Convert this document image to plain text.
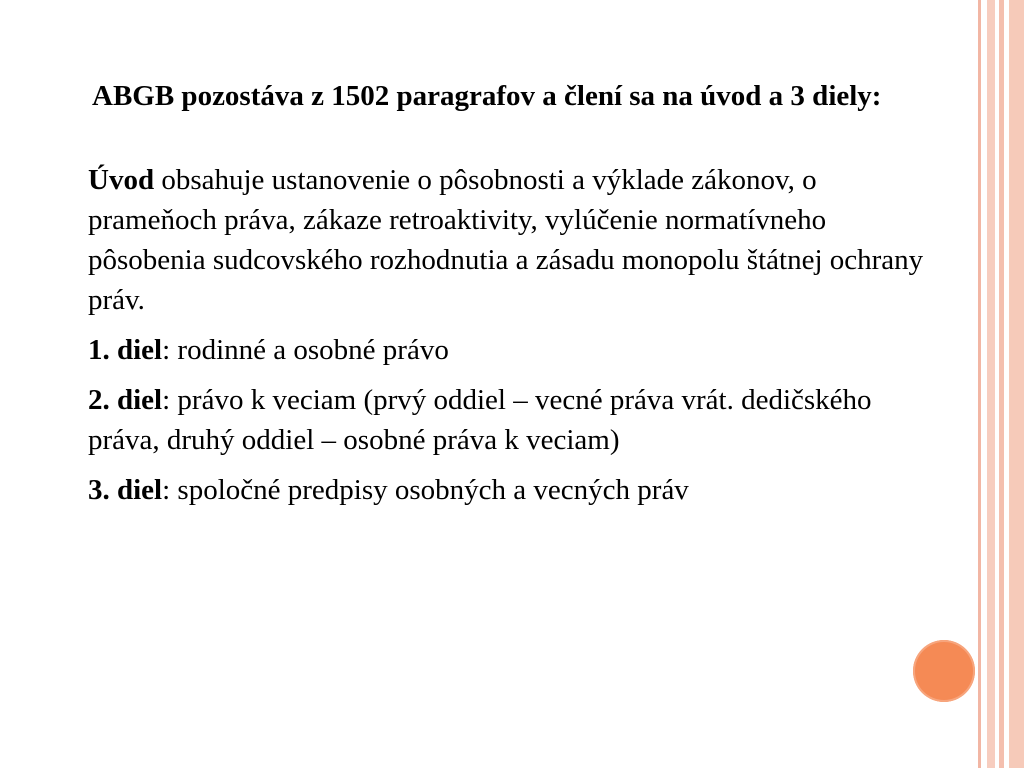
ABGB pozostáva z 1502 paragrafov a člení sa na úvod a 3 diely:

Úvod obsahuje ustanovenie o pôsobnosti a výklade zákonov, o prameňoch práva, zákaze retroaktivity, vylúčenie normatívneho pôsobenia sudcovského rozhodnutia a zásadu monopolu štátnej ochrany práv.

1. diel: rodinné a osobné právo

2. diel: právo k veciam (prvý oddiel – vecné práva vrát. dedičského práva, druhý oddiel – osobné práva k veciam)

3. diel: spoločné predpisy osobných a vecných práv
